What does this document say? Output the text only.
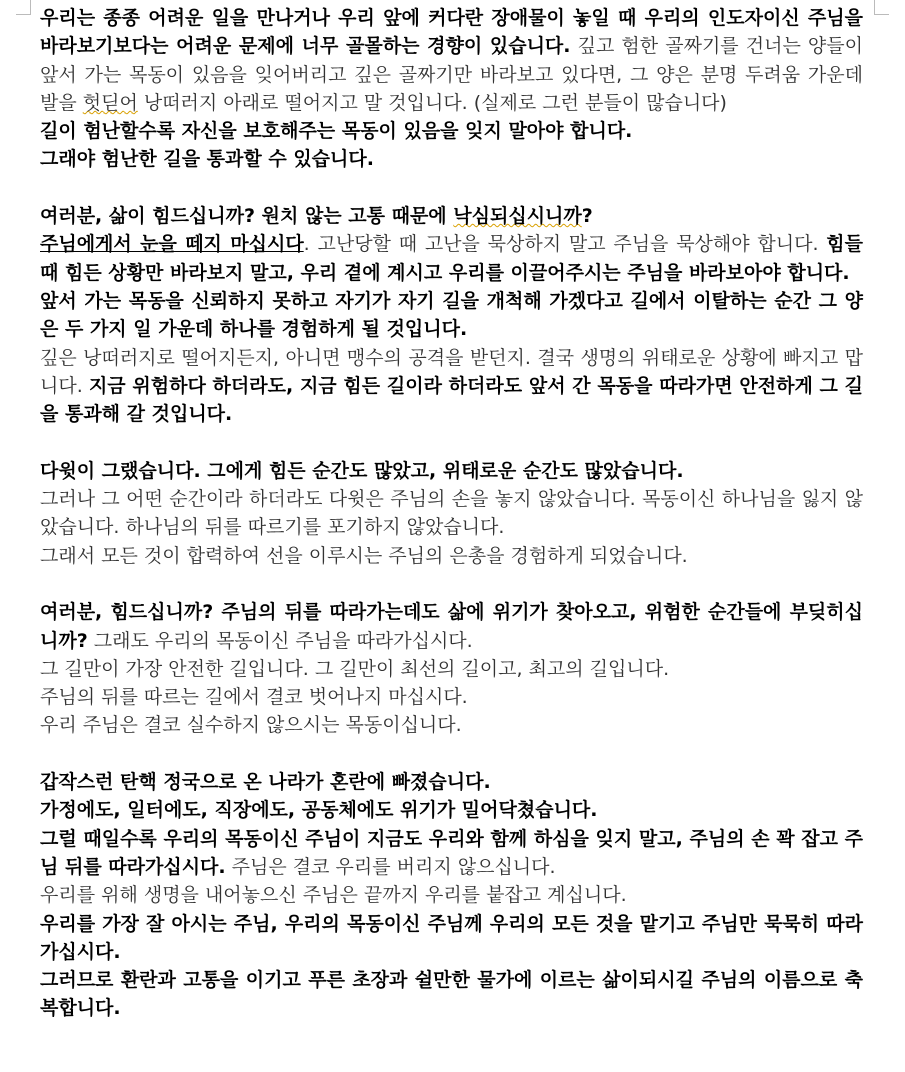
우리는 종종 어려운 일을 만나거나 우리 앞에 커다란 장애물이 놓일 때 우리의 인도자이신 주님을 바라보기보다는 어려운 문제에 너무 골몰하는 경향이 있습니다. 깊고 험한 골짜기를 건너는 양들이 앞서 가는 목동이 있음을 잊어버리고 깊은 골짜기만 바라보고 있다면, 그 양은 분명 두려움 가운데 발을 헛딛어 낭떠러지 아래로 떨어지고 말 것입니다. (실제로 그런 분들이 많습니다)

길이 험난할수록 자신을 보호해주는 목동이 있음을 잊지 말아야 합니다.

그래야 험난한 길을 통과할 수 있습니다.

여러분, 삶이 힘드십니까? 원치 않는 고통 때문에 낙심되십시니까?

주님에게서 눈을 떼지 마십시다. 고난당할 때 고난을 묵상하지 말고 주님을 묵상해야 합니다. 힘들 때 힘든 상황만 바라보지 말고, 우리 곁에 계시고 우리를 이끌어주시는 주님을 바라보아야 합니다.

앞서 가는 목동을 신뢰하지 못하고 자기가 자기 길을 개척해 가겠다고 길에서 이탈하는 순간 그 양은 두 가지 일 가운데 하나를 경험하게 될 것입니다.

깊은 낭떠러지로 떨어지든지, 아니면 맹수의 공격을 받던지. 결국 생명의 위태로운 상황에 빠지고 맙니다. 지금 위험하다 하더라도, 지금 힘든 길이라 하더라도 앞서 간 목동을 따라가면 안전하게 그 길을 통과해 갈 것입니다.

다윗이 그랬습니다. 그에게 힘든 순간도 많았고, 위태로운 순간도 많았습니다.

그러나 그 어떤 순간이라 하더라도 다윗은 주님의 손을 놓지 않았습니다. 목동이신 하나님을 잃지 않았습니다. 하나님의 뒤를 따르기를 포기하지 않았습니다.

그래서 모든 것이 합력하여 선을 이루시는 주님의 은총을 경험하게 되었습니다.

여러분, 힘드십니까? 주님의 뒤를 따라가는데도 삶에 위기가 찾아오고, 위험한 순간들에 부딪히십니까? 그래도 우리의 목동이신 주님을 따라가십시다.

그 길만이 가장 안전한 길입니다. 그 길만이 최선의 길이고, 최고의 길입니다.

주님의 뒤를 따르는 길에서 결코 벗어나지 마십시다.

우리 주님은 결코 실수하지 않으시는 목동이십니다.

갑작스런 탄핵 정국으로 온 나라가 혼란에 빠졌습니다.

가정에도, 일터에도, 직장에도, 공동체에도 위기가 밀어닥쳤습니다.

그럴 때일수록 우리의 목동이신 주님이 지금도 우리와 함께 하심을 잊지 말고, 주님의 손 꽉 잡고 주님 뒤를 따라가십시다. 주님은 결코 우리를 버리지 않으십니다.

우리를 위해 생명을 내어놓으신 주님은 끝까지 우리를 붙잡고 계십니다.

우리를 가장 잘 아시는 주님, 우리의 목동이신 주님께 우리의 모든 것을 맡기고 주님만 묵묵히 따라가십시다.

그러므로 환란과 고통을 이기고 푸른 초장과 쉴만한 물가에 이르는 삶이되시길 주님의 이름으로 축복합니다.
